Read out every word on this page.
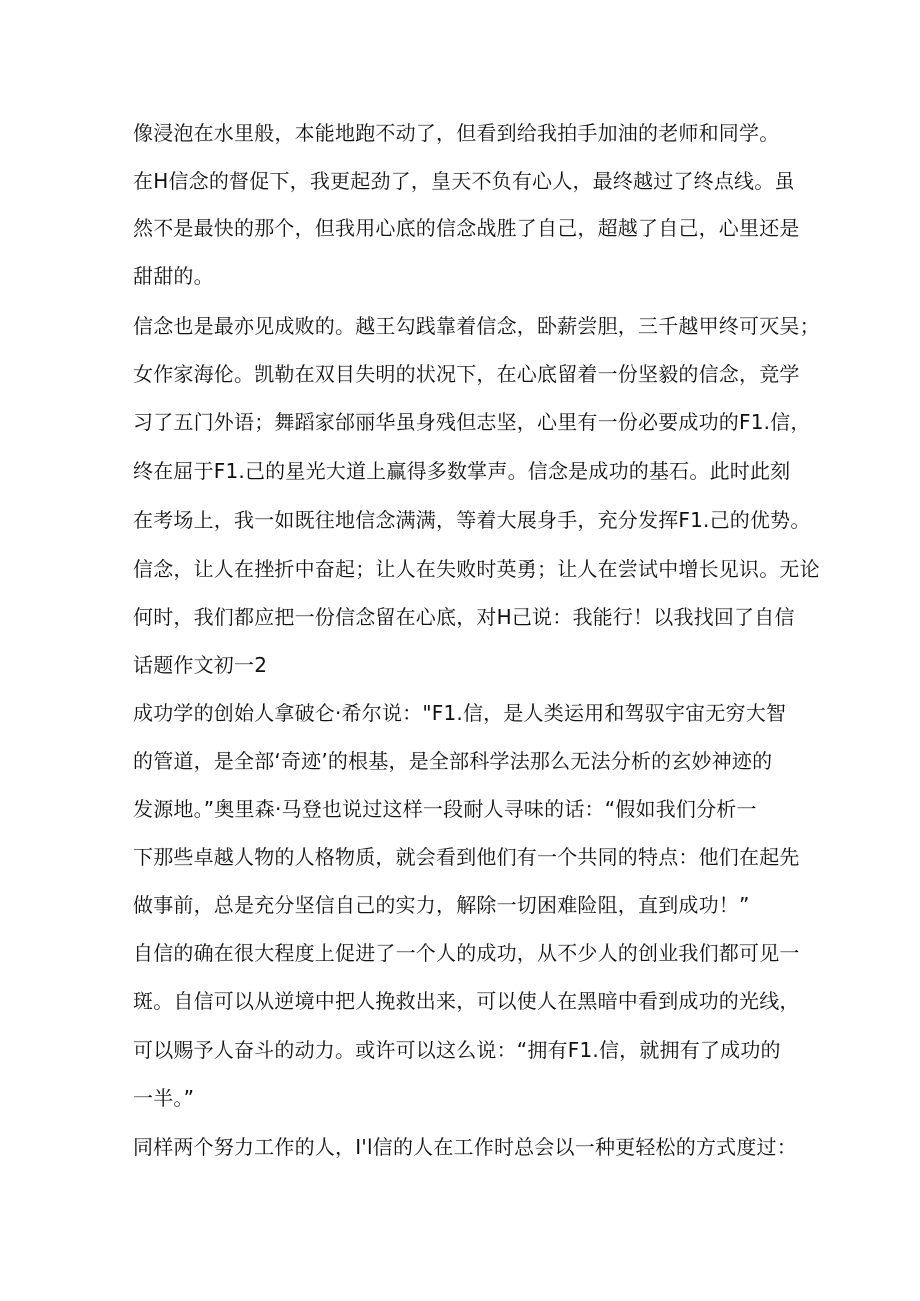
像浸泡在水里般，本能地跑不动了，但看到给我拍手加油的老师和同学。
在H信念的督促下，我更起劲了，皇天不负有心人，最终越过了终点线。虽
然不是最快的那个，但我用心底的信念战胜了自己，超越了自己，心里还是
甜甜的。
信念也是最亦见成败的。越王勾践靠着信念，卧薪尝胆，三千越甲终可灭吴；
女作家海伦。凯勒在双目失明的状况下，在心底留着一份坚毅的信念，竞学
习了五门外语；舞蹈家邰丽华虽身残但志坚，心里有一份必要成功的F1.信，
终在屈于F1.己的星光大道上赢得多数掌声。信念是成功的基石。此时此刻
在考场上，我一如既往地信念满满，等着大展身手，充分发挥F1.己的优势。
信念，让人在挫折中奋起；让人在失败时英勇；让人在尝试中增长见识。无论
何时，我们都应把一份信念留在心底，对H己说：我能行！以我找回了自信
话题作文初一2
成功学的创始人拿破仑·希尔说："F1.信，是人类运用和驾驭宇宙无穷大智
的管道，是全部‘奇迹’的根基，是全部科学法那么无法分析的玄妙神迹的
发源地。”奥里森·马登也说过这样一段耐人寻味的话：“假如我们分析一
下那些卓越人物的人格物质，就会看到他们有一个共同的特点：他们在起先
做事前，总是充分坚信自己的实力，解除一切困难险阻，直到成功！”
自信的确在很大程度上促进了一个人的成功，从不少人的创业我们都可见一
斑。自信可以从逆境中把人挽救出来，可以使人在黑暗中看到成功的光线，
可以赐予人奋斗的动力。或许可以这么说：“拥有F1.信，就拥有了成功的
一半。”
同样两个努力工作的人，I'l信的人在工作时总会以一种更轻松的方式度过：
